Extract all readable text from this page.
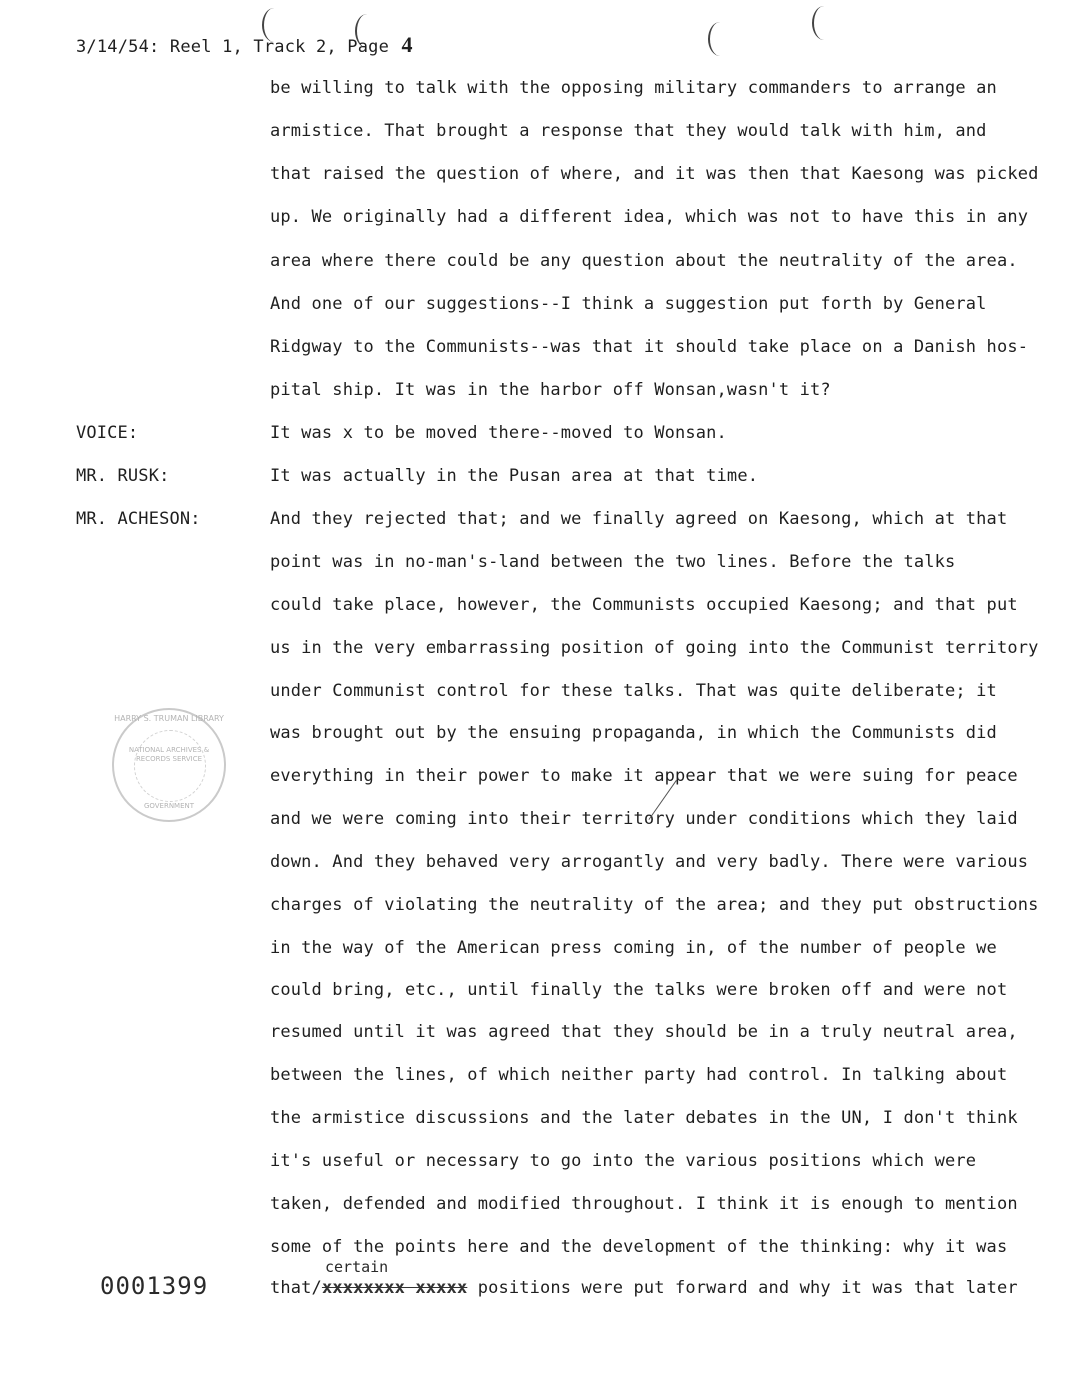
3/14/54: Reel 1, Track 2, Page 4
be willing to talk with the opposing military commanders to arrange an
armistice. That brought a response that they would talk with him, and
that raised the question of where, and it was then that Kaesong was picked
up. We originally had a different idea, which was not to have this in any
area where there could be any question about the neutrality of the area.
And one of our suggestions--I think a suggestion put forth by General
Ridgway to the Communists--was that it should take place on a Danish hos-
pital ship. It was in the harbor off Wonsan,wasn't it?
VOICE:	It was x to be moved there--moved to Wonsan.
MR. RUSK:	It was actually in the Pusan area at that time.
MR. ACHESON:	And they rejected that; and we finally agreed on Kaesong, which at that
point was in no-man's-land between the two lines. Before the talks
could take place, however, the Communists occupied Kaesong; and that put
us in the very embarrassing position of going into the Communist territory
under Communist control for these talks. That was quite deliberate; it
was brought out by the ensuing propaganda, in which the Communists did
everything in their power to make it appear that we were suing for peace
and we were coming into their territory under conditions which they laid
down. And they behaved very arrogantly and very badly. There were various
charges of violating the neutrality of the area; and they put obstructions
in the way of the American press coming in, of the number of people we
could bring, etc., until finally the talks were broken off and were not
resumed until it was agreed that they should be in a truly neutral area,
between the lines, of which neither party had control. In talking about
the armistice discussions and the later debates in the UN, I don't think
it's useful or necessary to go into the various positions which were
taken, defended and modified throughout. I think it is enough to mention
some of the points here and the development of the thinking: why it was
certain
that/xxxxxxxx xxxxx positions were put forward and why it was that later
HARRY S. TRUMAN LIBRARY
NATIONAL ARCHIVES & RECORDS SERVICE
GOVERNMENT
0001399
